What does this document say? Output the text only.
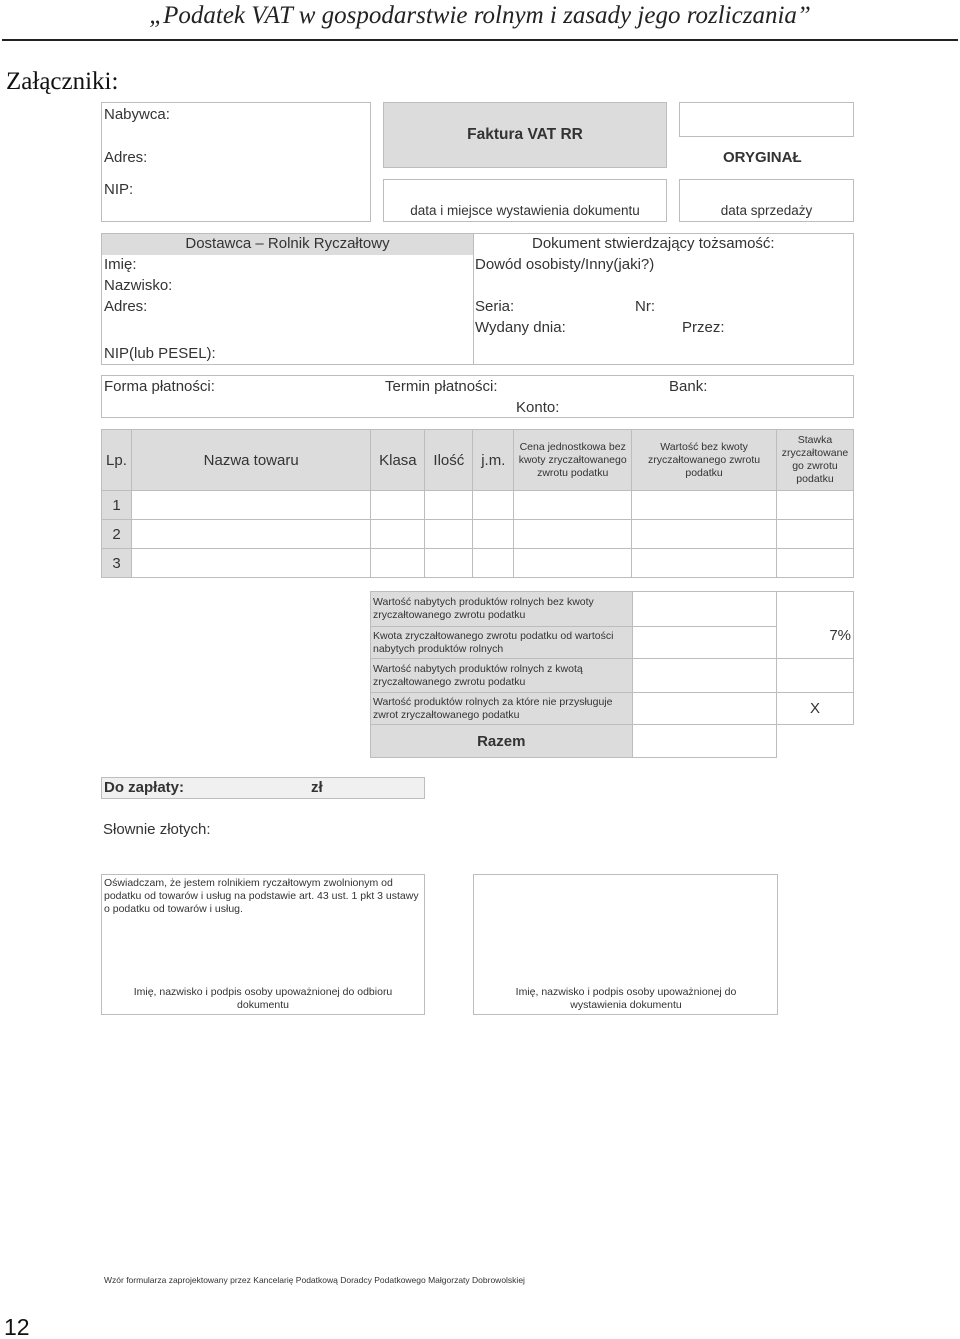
„Podatek VAT w gospodarstwie rolnym i zasady jego rozliczania”
Załączniki:
Nabywca:
Adres:
NIP:
Faktura VAT RR
data i miejsce wystawienia dokumentu
ORYGINAŁ
data sprzedaży
Dostawca – Rolnik Ryczałtowy
Imię:
Nazwisko:
Adres:
NIP(lub PESEL):
Dokument stwierdzający tożsamość:
Dowód osobisty/Inny(jaki?)
Seria:	Nr:
Wydany dnia:	Przez:
Forma płatności:	Termin płatności:	Bank:
Konto:
Lp.	Nazwa towaru	Klasa	Ilość	j.m.	Cena jednostkowa bez kwoty zryczałtowanego zwrotu podatku	Wartość bez kwoty zryczałtowanego zwrotu podatku	Stawka zryczałtowane go zwrotu podatku
1							
2							
3							
Wartość nabytych produktów rolnych bez kwoty zryczałtowanego zwrotu podatku		
Kwota zryczałtowanego zwrotu podatku od wartości nabytych produktów rolnych		7%
Wartość nabytych produktów rolnych z kwotą zryczałtowanego zwrotu podatku		
Wartość produktów rolnych za które nie przysługuje zwrot zryczałtowanego podatku		X
Razem		
Do zapłaty:	zł
Słownie złotych:
Oświadczam, że jestem rolnikiem ryczałtowym zwolnionym od podatku od towarów i usług na podstawie art. 43 ust. 1 pkt 3 ustawy o podatku od towarów i usług.
Imię, nazwisko i podpis osoby upoważnionej do odbioru dokumentu
Imię, nazwisko i podpis osoby upoważnionej do wystawienia dokumentu
Wzór formularza zaprojektowany przez Kancelarię Podatkową Doradcy Podatkowego Małgorzaty Dobrowolskiej
12
